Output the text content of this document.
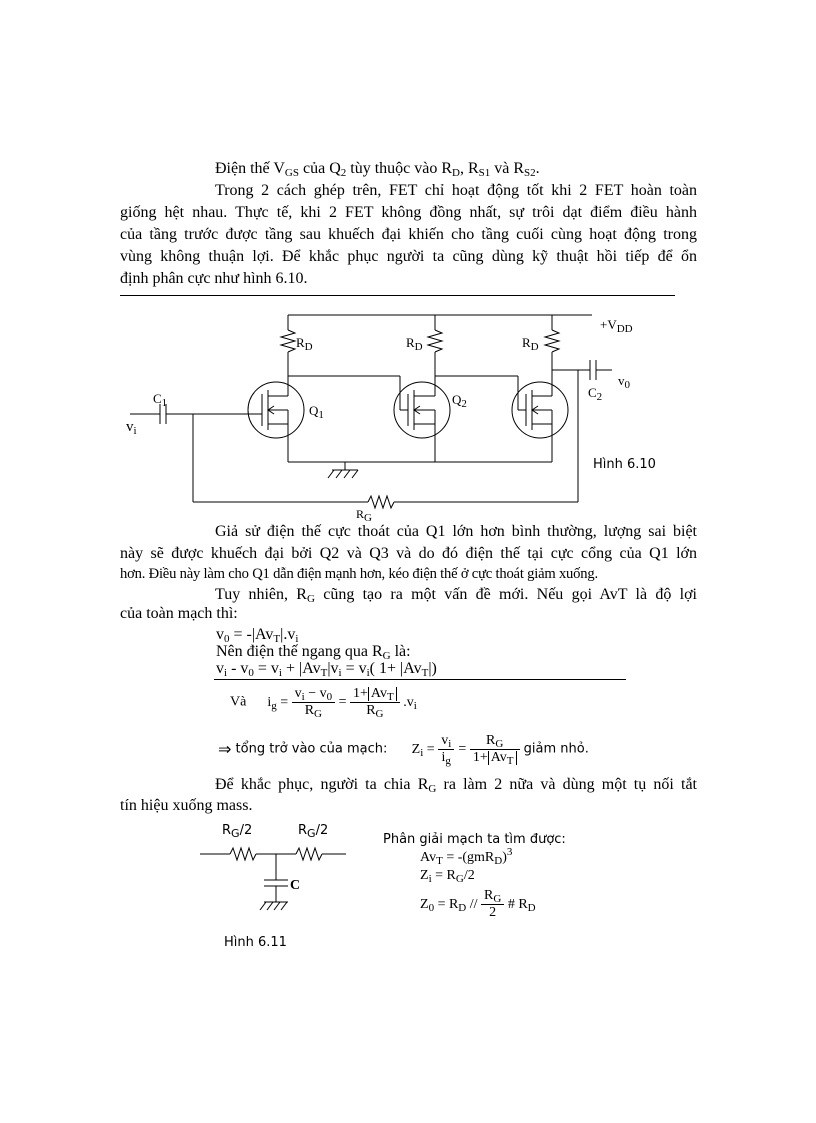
Điện thế $V_{GS}$ của $Q_2$ tùy thuộc vào $R_D$, $R_{S1}$ và $R_{S2}$.

Trong 2 cách ghép trên, FET chỉ hoạt động tốt khi 2 FET hoàn toàn

giống hệt nhau. Thực tế, khi 2 FET không đồng nhất, sự trôi dạt điểm điều hành

của tầng trước được tầng sau khuếch đại khiến cho tầng cuối cùng hoạt động trong

vùng không thuận lợi. Để khắc phục người ta cũng dùng kỹ thuật hồi tiếp để ổn

định phân cực như hình 6.10.

$+V_{DD}$
$R_D$	$R_D$	$R_D$
$C_1$
$v_i$
$Q_1$
$Q_2$
$C_2$
$v_0$
Hình 6.10
$R_G$

Giả sử điện thế cực thoát của Q1 lớn hơn bình thường, lượng sai biệt

này sẽ được khuếch đại bởi Q2 và Q3 và do đó điện thế tại cực cổng của Q1 lớn

hơn. Điều này làm cho Q1 dẫn điện mạnh hơn, kéo điện thế ở cực thoát giảm xuống.

Tuy nhiên, $R_G$ cũng tạo ra một vấn đề mới. Nếu gọi AvT là độ lợi

của toàn mạch thì:

$v_0 = -|Av_T|.v_i$

Nên điện thế ngang qua $R_G$ là:

$v_i - v_0 = v_i + |Av_T|v_i = v_i$( $1+ |Av_T|$)

Và $i_g = \frac{v_i - v_0}{R_G} = \frac{1+ Av_T}{R_G} .v_i$
⇒ tổng trở vào của mạch: $Z_i = \frac{v_i}{i_g} = \frac{R_G}{1+ Av_T}$ giảm nhỏ.

Để khắc phục, người ta chia $R_G$ ra làm 2 nữa và dùng một tụ nối tắt

tín hiệu xuống mass.

$R_G/2$	$R_G/2$
C
Hình 6.11
Phân giải mạch ta tìm được:
$Av_T = -(gmR_D)^3$
$Z_i = R_G/2$
$Z_0 = R_D // \frac{R_G}{2}$ # $R_D$
